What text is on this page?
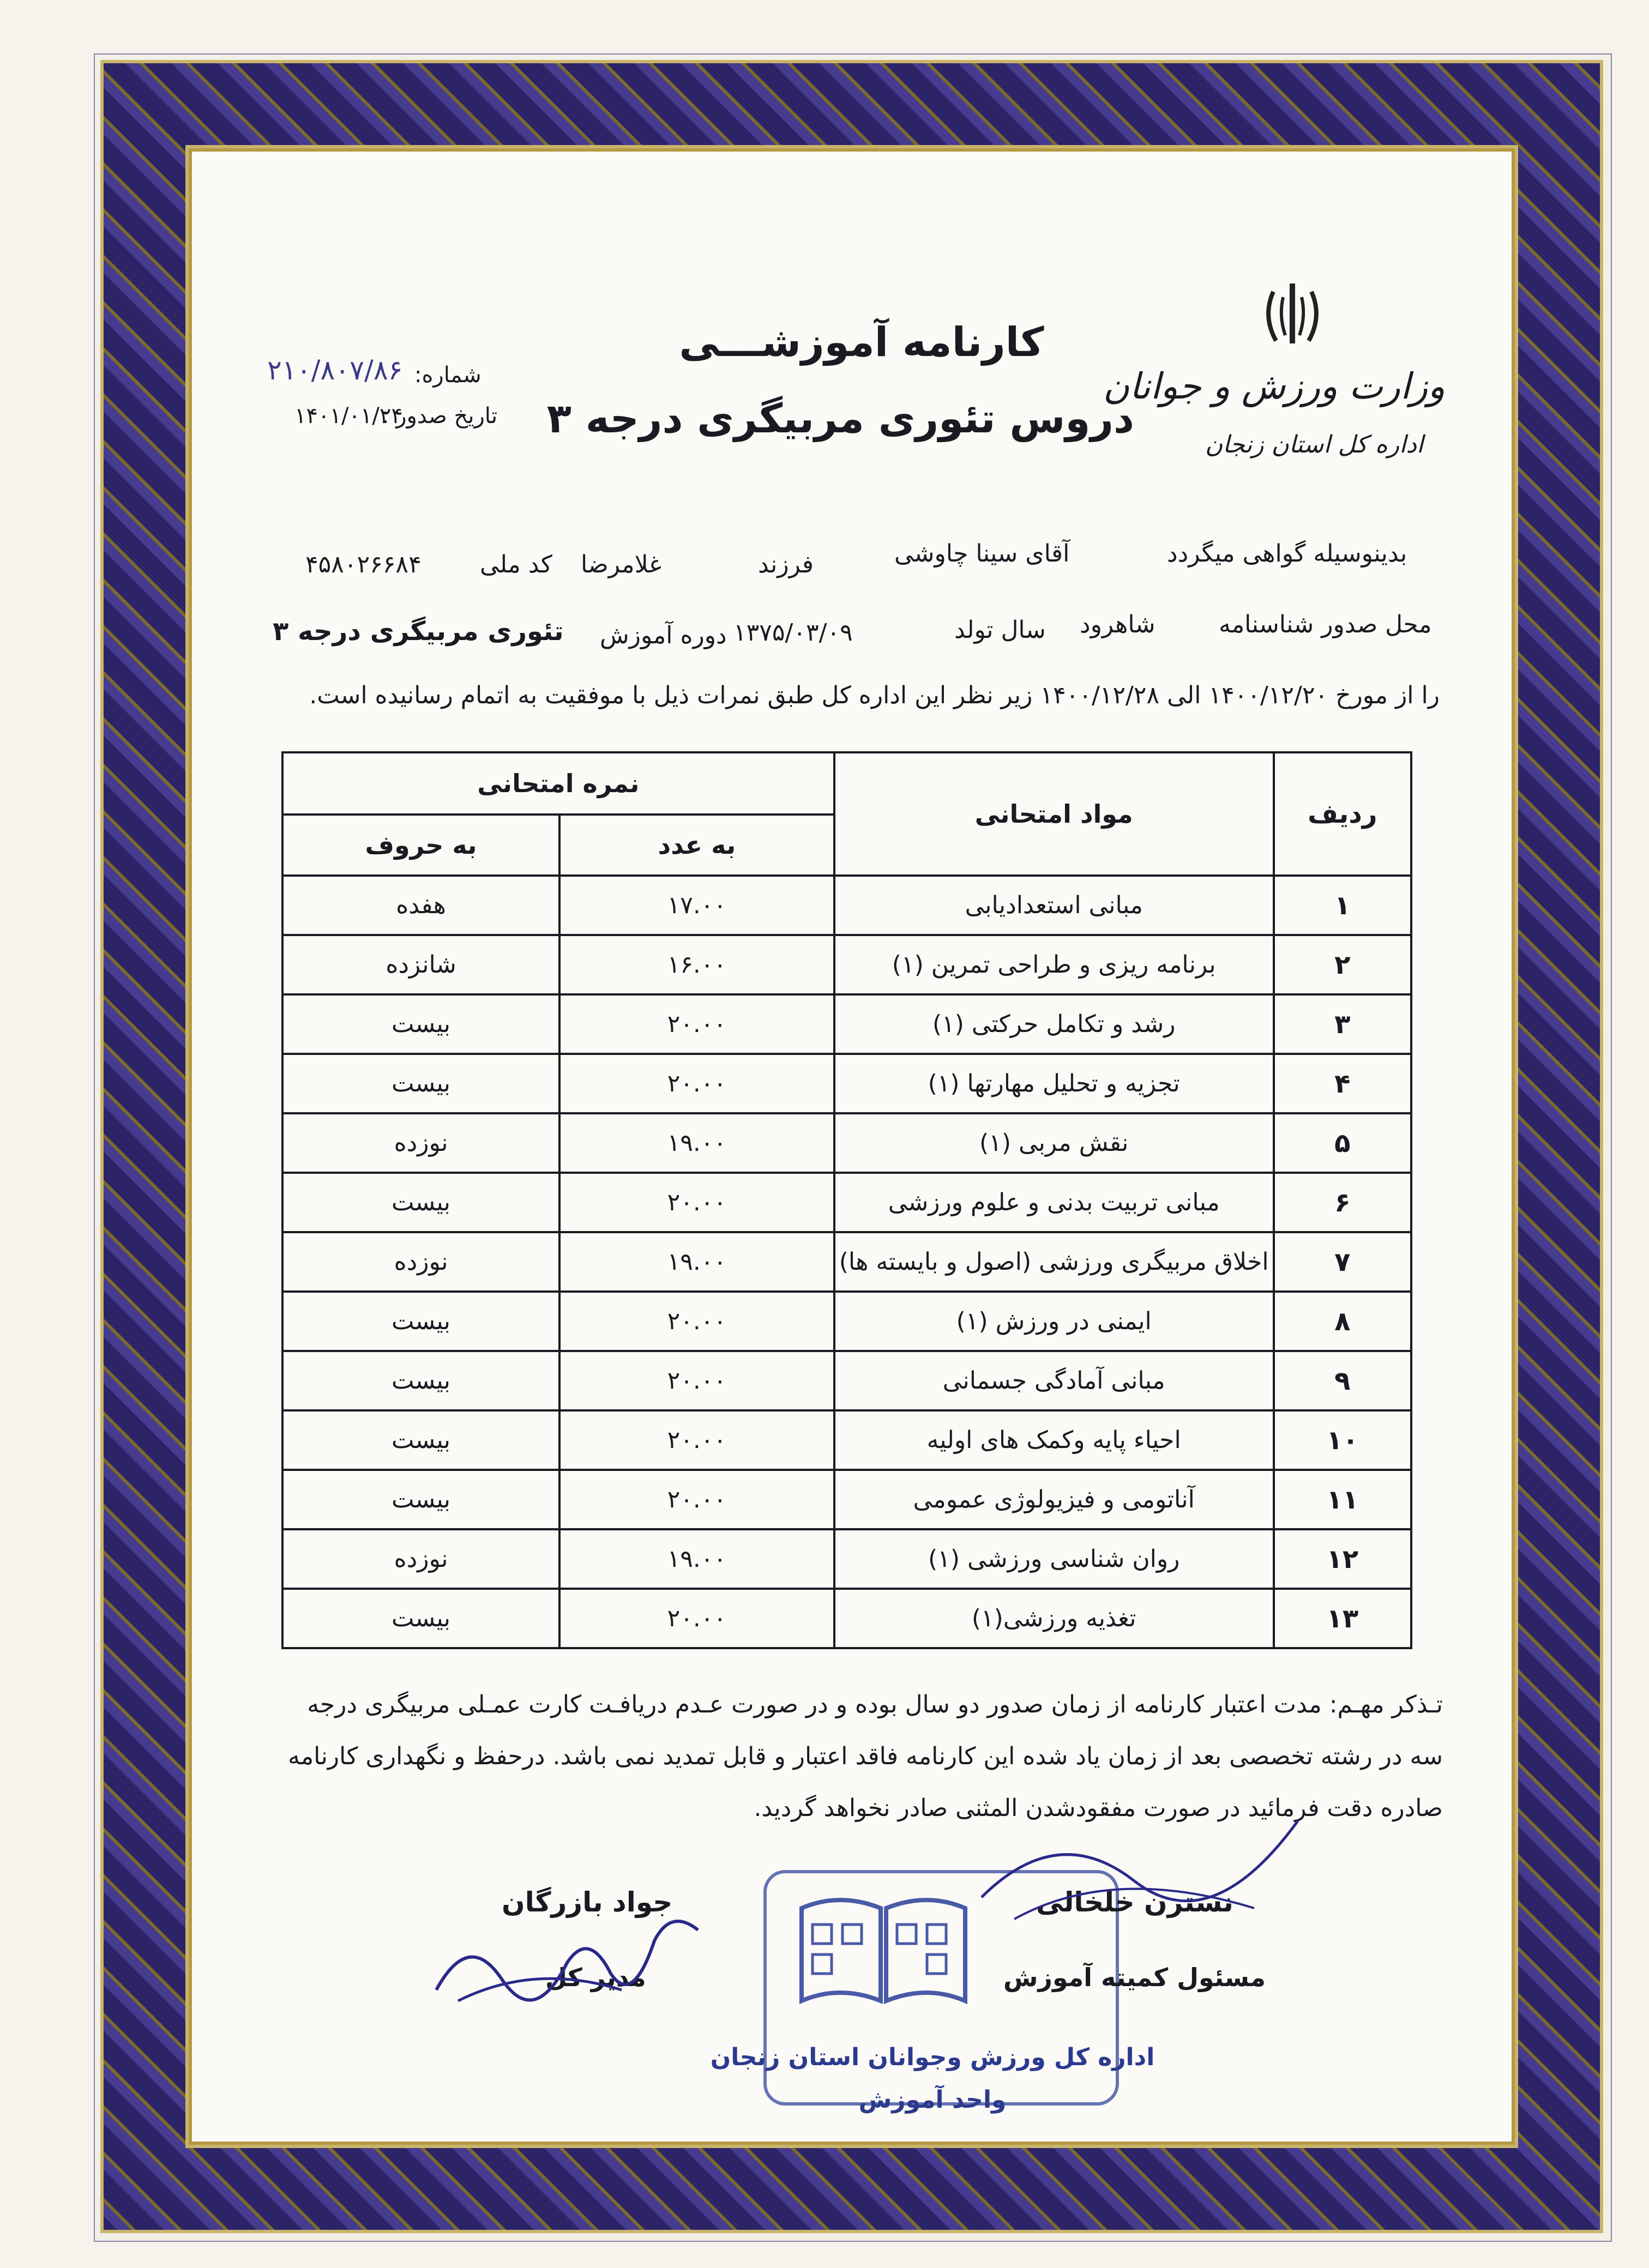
وزارت ورزش و جوانان
اداره کل استان زنجان
کارنامه آموزشـــی
دروس تئوری مربیگری درجه ۳
شماره:
۲۱۰/۸۰۷/۸۶
تاریخ صدور :
۱۴۰۱/۰۱/۲۴
بدینوسیله گواهی میگردد
آقای سینا چاوشی
فرزند
غلامرضا
کد ملی
۴۵۸۰۲۶۶۸۴
محل صدور شناسنامه
شاهرود
سال تولد
۱۳۷۵/۰۳/۰۹
دوره آموزش
تئوری مربیگری درجه ۳
را از مورخ ۱۴۰۰/۱۲/۲۰ الی ۱۴۰۰/۱۲/۲۸ زیر نظر این اداره کل طبق نمرات ذیل با موفقیت به اتمام رسانیده است.
ردیف	مواد امتحانی	نمره امتحانی	
		به عدد	به حروف
۱	مبانی استعدادیابی	۱۷.۰۰	هفده
۲	برنامه ریزی و طراحی تمرین (۱)	۱۶.۰۰	شانزده
۳	رشد و تکامل حرکتی (۱)	۲۰.۰۰	بیست
۴	تجزیه و تحلیل مهارتها (۱)	۲۰.۰۰	بیست
۵	نقش مربی (۱)	۱۹.۰۰	نوزده
۶	مبانی تربیت بدنی و علوم ورزشی	۲۰.۰۰	بیست
۷	اخلاق مربیگری ورزشی (اصول و بایسته ها)	۱۹.۰۰	نوزده
۸	ایمنی در ورزش (۱)	۲۰.۰۰	بیست
۹	مبانی آمادگی جسمانی	۲۰.۰۰	بیست
۱۰	احیاء پایه وکمک های اولیه	۲۰.۰۰	بیست
۱۱	آناتومی و فیزیولوژی عمومی	۲۰.۰۰	بیست
۱۲	روان شناسی ورزشی (۱)	۱۹.۰۰	نوزده
۱۳	تغذیه ورزشی(۱)	۲۰.۰۰	بیست
تـذکر مهـم: مدت اعتبار کارنامه از زمان صدور دو سال بوده و در صورت عـدم دریافـت کارت عمـلی مربیگری درجه
سه در رشته تخصصی بعد از زمان یاد شده این کارنامه فاقد اعتبار و قابل تمدید نمی باشد. درحفظ و نگهداری کارنامه
صادره دقت فرمائید در صورت مفقودشدن المثنی صادر نخواهد گردید.
اداره کل ورزش وجوانان استان زنجان
واحد آموزش
جواد بازرگان
مدیر کل
نسترن خلخالی
مسئول کمیته آموزش
